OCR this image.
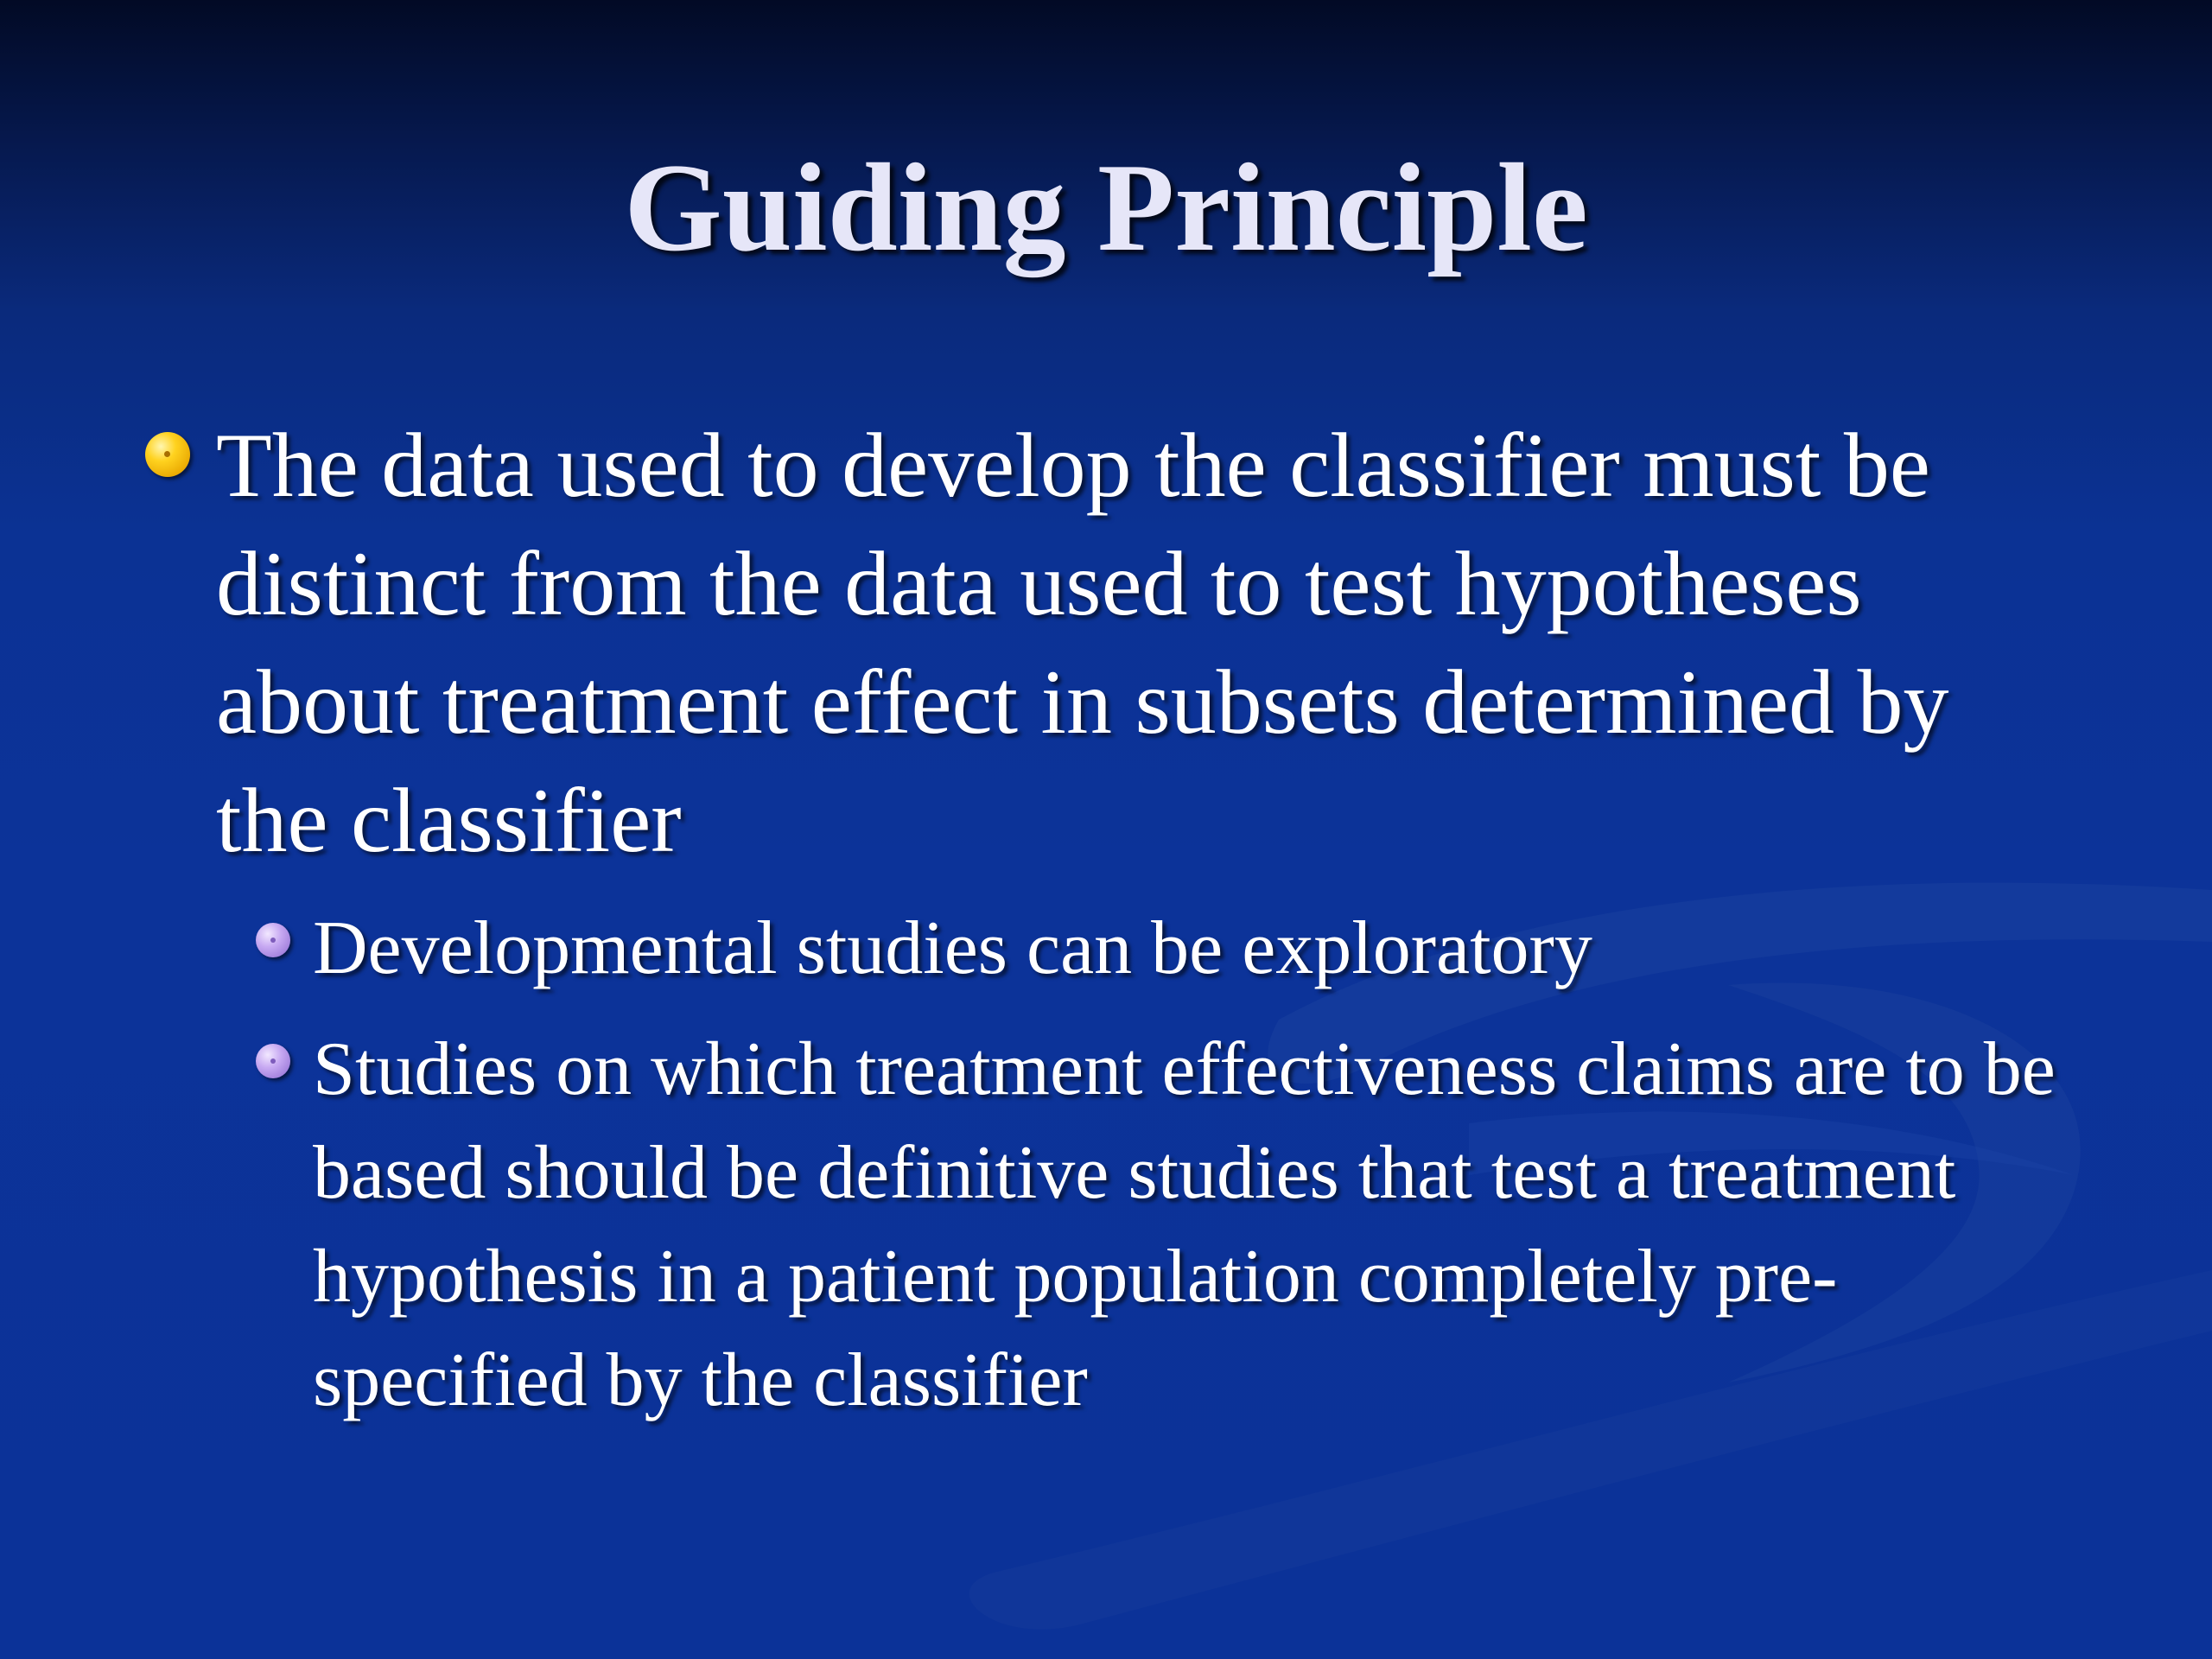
Guiding Principle
The data used to develop the classifier must be distinct from the data used to test hypotheses about treatment effect in subsets determined by the classifier
Developmental studies can be exploratory
Studies on which treatment effectiveness claims are to be based should be definitive studies that test a treatment hypothesis in a patient population completely pre-specified by the classifier
